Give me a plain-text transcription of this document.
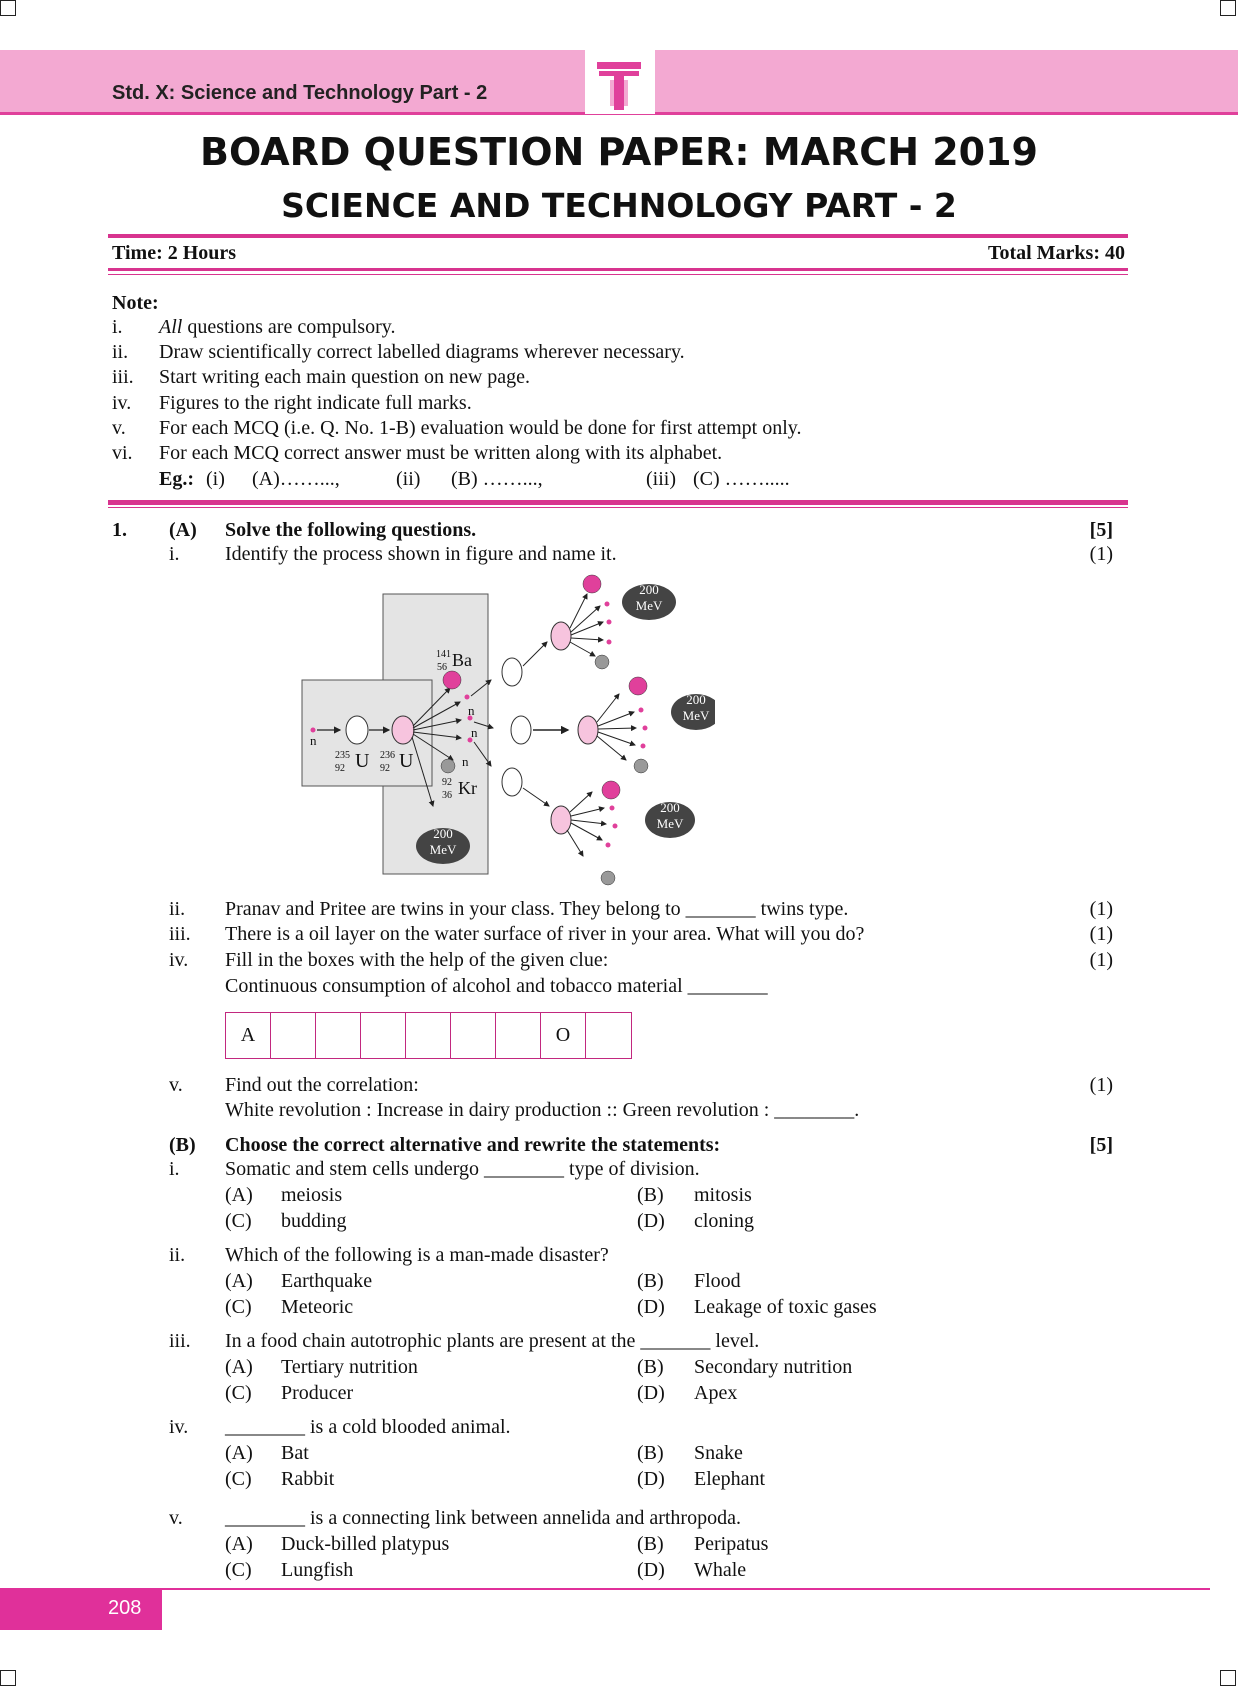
Std. X: Science and Technology Part - 2
BOARD QUESTION PAPER: MARCH 2019
SCIENCE AND TECHNOLOGY PART - 2
Time: 2 Hours	Total Marks: 40
Note:
i. All questions are compulsory.
ii. Draw scientifically correct labelled diagrams wherever necessary.
iii. Start writing each main question on new page.
iv. Figures to the right indicate full marks.
v. For each MCQ (i.e. Q. No. 1-B) evaluation would be done for first attempt only.
vi. For each MCQ correct answer must be written along with its alphabet.
Eg.: (i) (A)……...,	(ii) (B) ……...,	(iii) (C) …….....
1. (A) Solve the following questions.	[5]
i. Identify the process shown in figure and name it.	(1)
n
235
92 U 236
92 U
141
56 Ba
n
n
n
92
36 Kr
200
MeV
200
MeV
200
MeV
200
MeV
ii. Pranav and Pritee are twins in your class. They belong to _______ twins type.	(1)
iii. There is a oil layer on the water surface of river in your area. What will you do?	(1)
iv. Fill in the boxes with the help of the given clue:	(1)
Continuous consumption of alcohol and tobacco material ________
A	O
v. Find out the correlation:	(1)
White revolution : Increase in dairy production :: Green revolution : ________.
(B) Choose the correct alternative and rewrite the statements:	[5]
i. Somatic and stem cells undergo ________ type of division.
(A) meiosis	(B) mitosis
(C) budding	(D) cloning
ii. Which of the following is a man-made disaster?
(A) Earthquake	(B) Flood
(C) Meteoric	(D) Leakage of toxic gases
iii. In a food chain autotrophic plants are present at the _______ level.
(A) Tertiary nutrition	(B) Secondary nutrition
(C) Producer	(D) Apex
iv. ________ is a cold blooded animal.
(A) Bat	(B) Snake
(C) Rabbit	(D) Elephant
v. ________ is a connecting link between annelida and arthropoda.
(A) Duck-billed platypus	(B) Peripatus
(C) Lungfish	(D) Whale
208
